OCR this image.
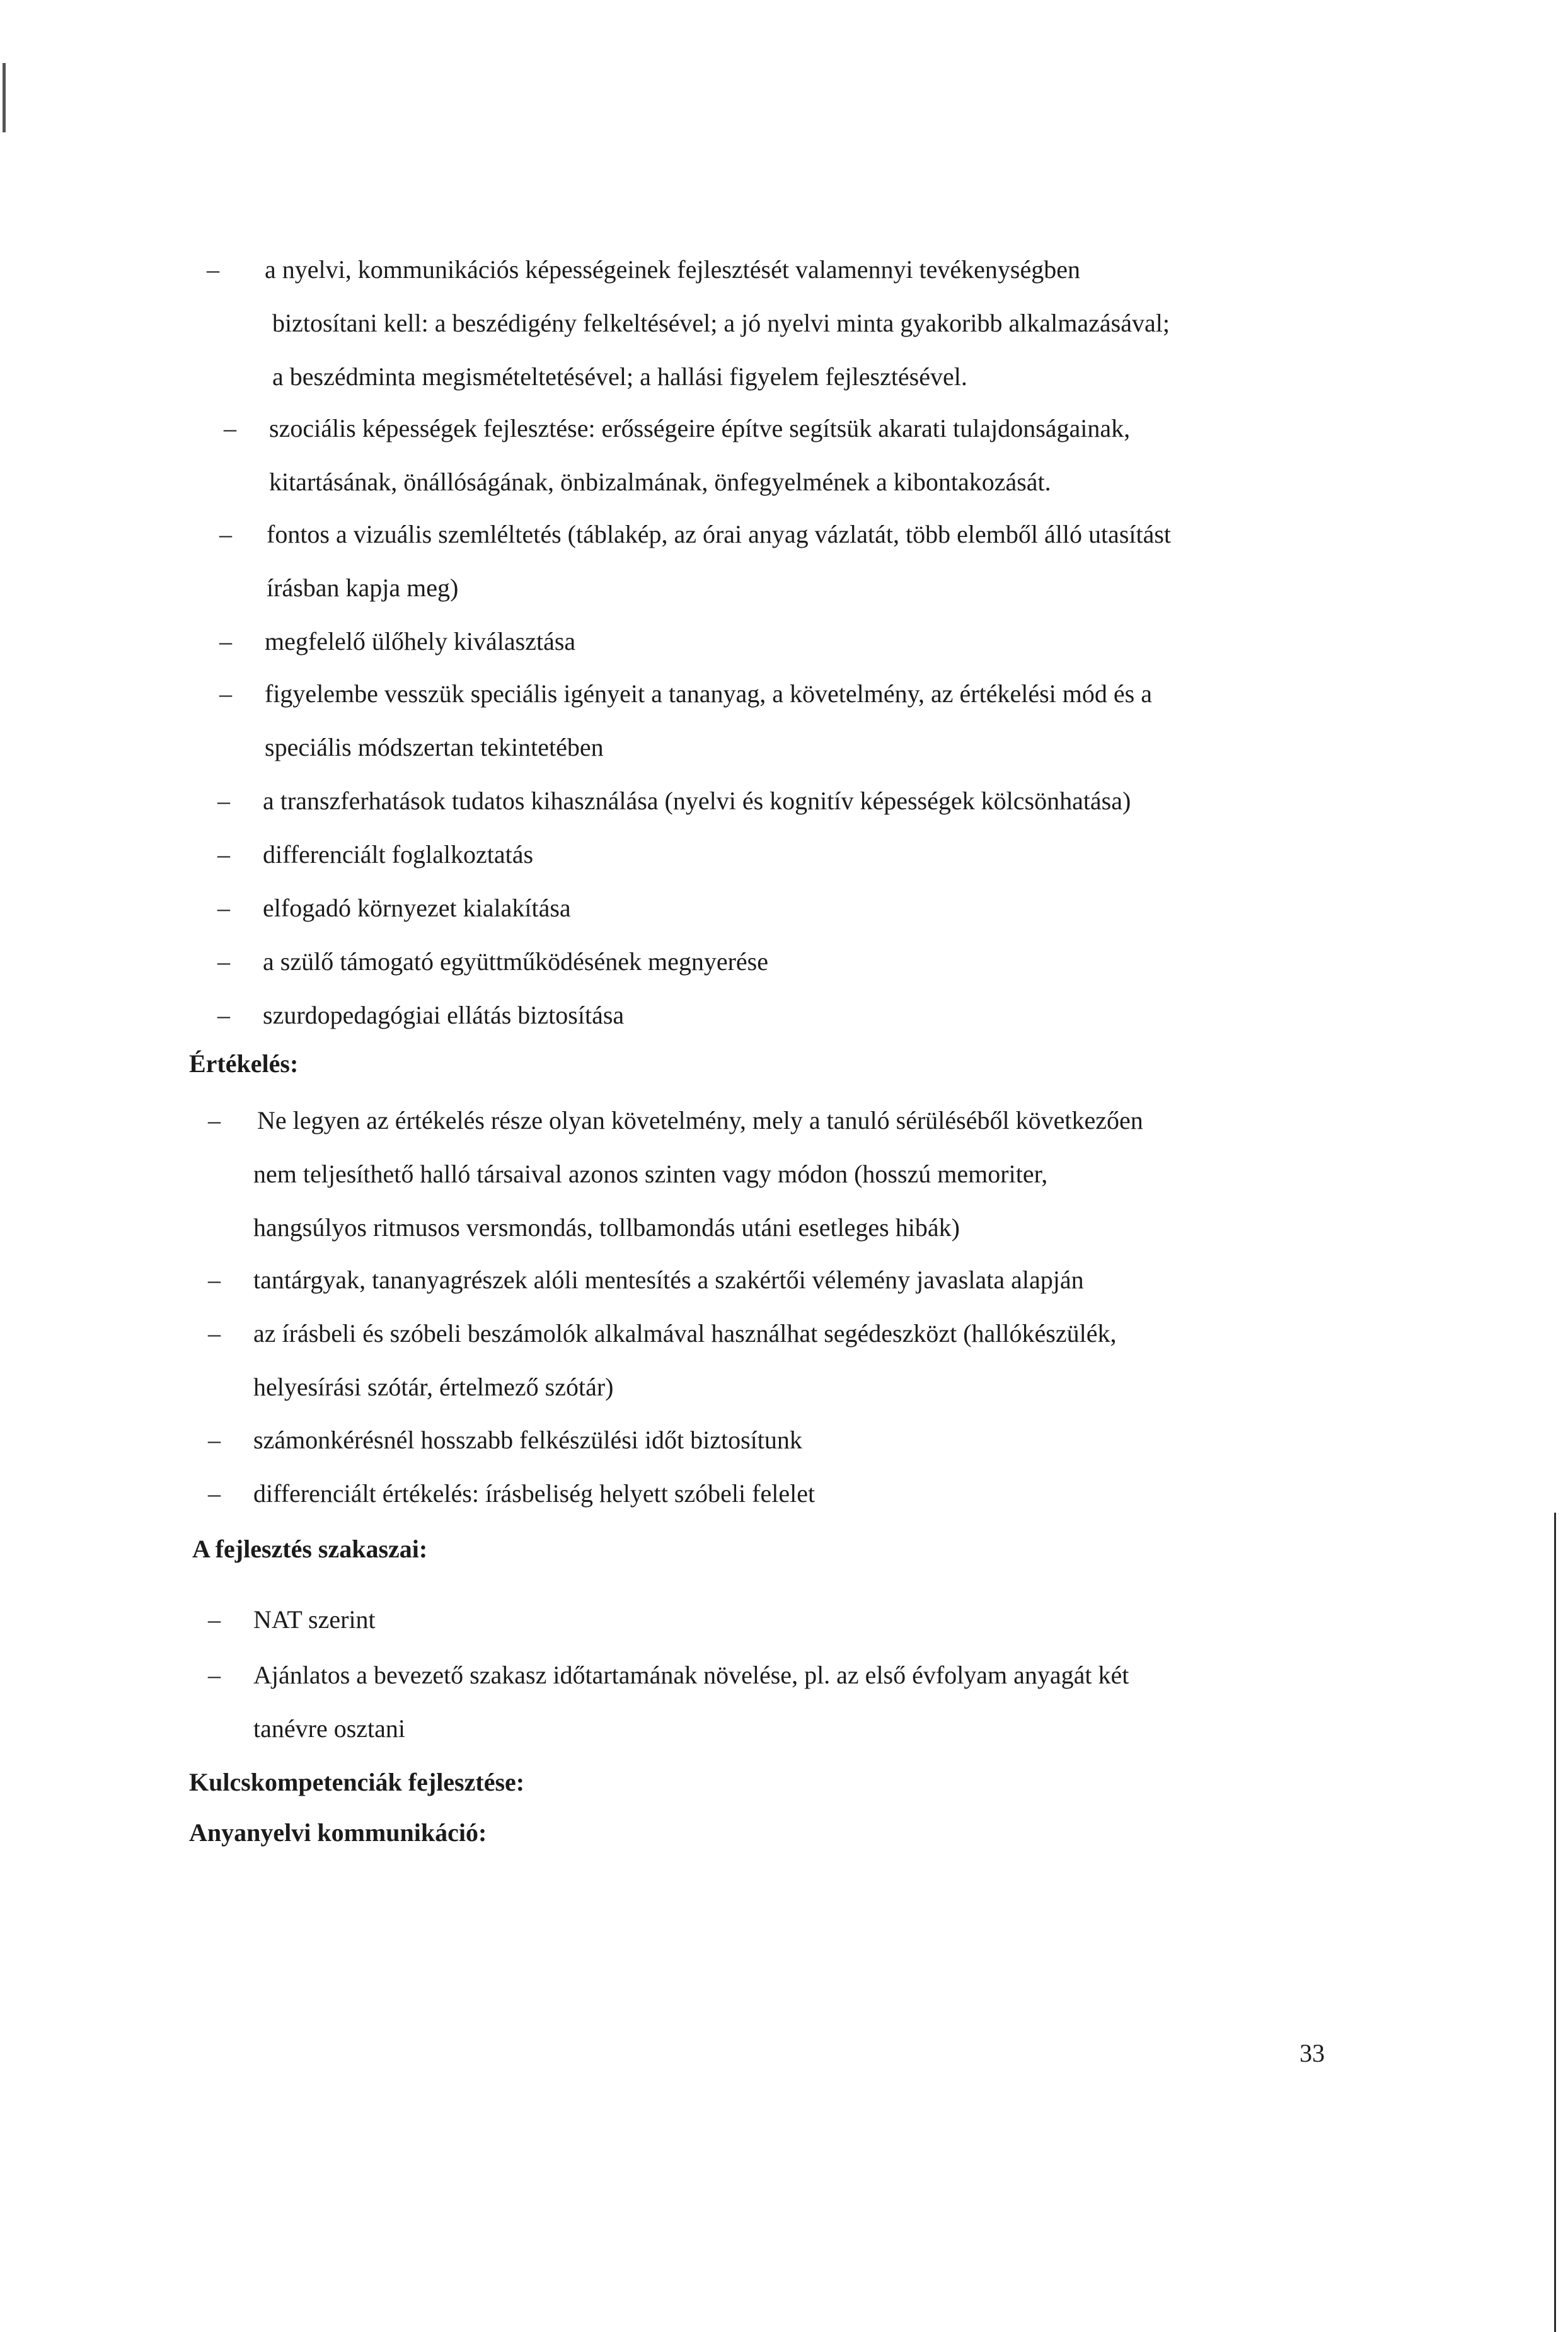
–	a nyelvi, kommunikációs képességeinek fejlesztését valamennyi tevékenységben
biztosítani kell: a beszédigény felkeltésével; a jó nyelvi minta gyakoribb alkalmazásával;
a beszédminta megismételtetésével; a hallási figyelem fejlesztésével.
–	szociális képességek fejlesztése: erősségeire építve segítsük akarati tulajdonságainak,
kitartásának, önállóságának, önbizalmának, önfegyelmének a kibontakozását.
–	fontos a vizuális szemléltetés (táblakép, az órai anyag vázlatát, több elemből álló utasítást
írásban kapja meg)
–	megfelelő ülőhely kiválasztása
–	figyelembe vesszük speciális igényeit a tananyag, a követelmény, az értékelési mód és a
speciális módszertan tekintetében
–	a transzferhatások tudatos kihasználása (nyelvi és kognitív képességek kölcsönhatása)
–	differenciált foglalkoztatás
–	elfogadó környezet kialakítása
–	a szülő támogató együttműködésének megnyerése
–	szurdopedagógiai ellátás biztosítása
Értékelés:
–	Ne legyen az értékelés része olyan követelmény, mely a tanuló sérüléséből következően
nem teljesíthető halló társaival azonos szinten vagy módon (hosszú memoriter,
hangsúlyos ritmusos versmondás, tollbamondás utáni esetleges hibák)
–	tantárgyak, tananyagrészek alóli mentesítés a szakértői vélemény javaslata alapján
–	az írásbeli és szóbeli beszámolók alkalmával használhat segédeszközt (hallókészülék,
helyesírási szótár, értelmező szótár)
–	számonkérésnél hosszabb felkészülési időt biztosítunk
–	differenciált értékelés: írásbeliség helyett szóbeli felelet
A fejlesztés szakaszai:
–	NAT szerint
–	Ajánlatos a bevezető szakasz időtartamának növelése, pl. az első évfolyam anyagát két
tanévre osztani
Kulcskompetenciák fejlesztése:
Anyanyelvi kommunikáció:
33
